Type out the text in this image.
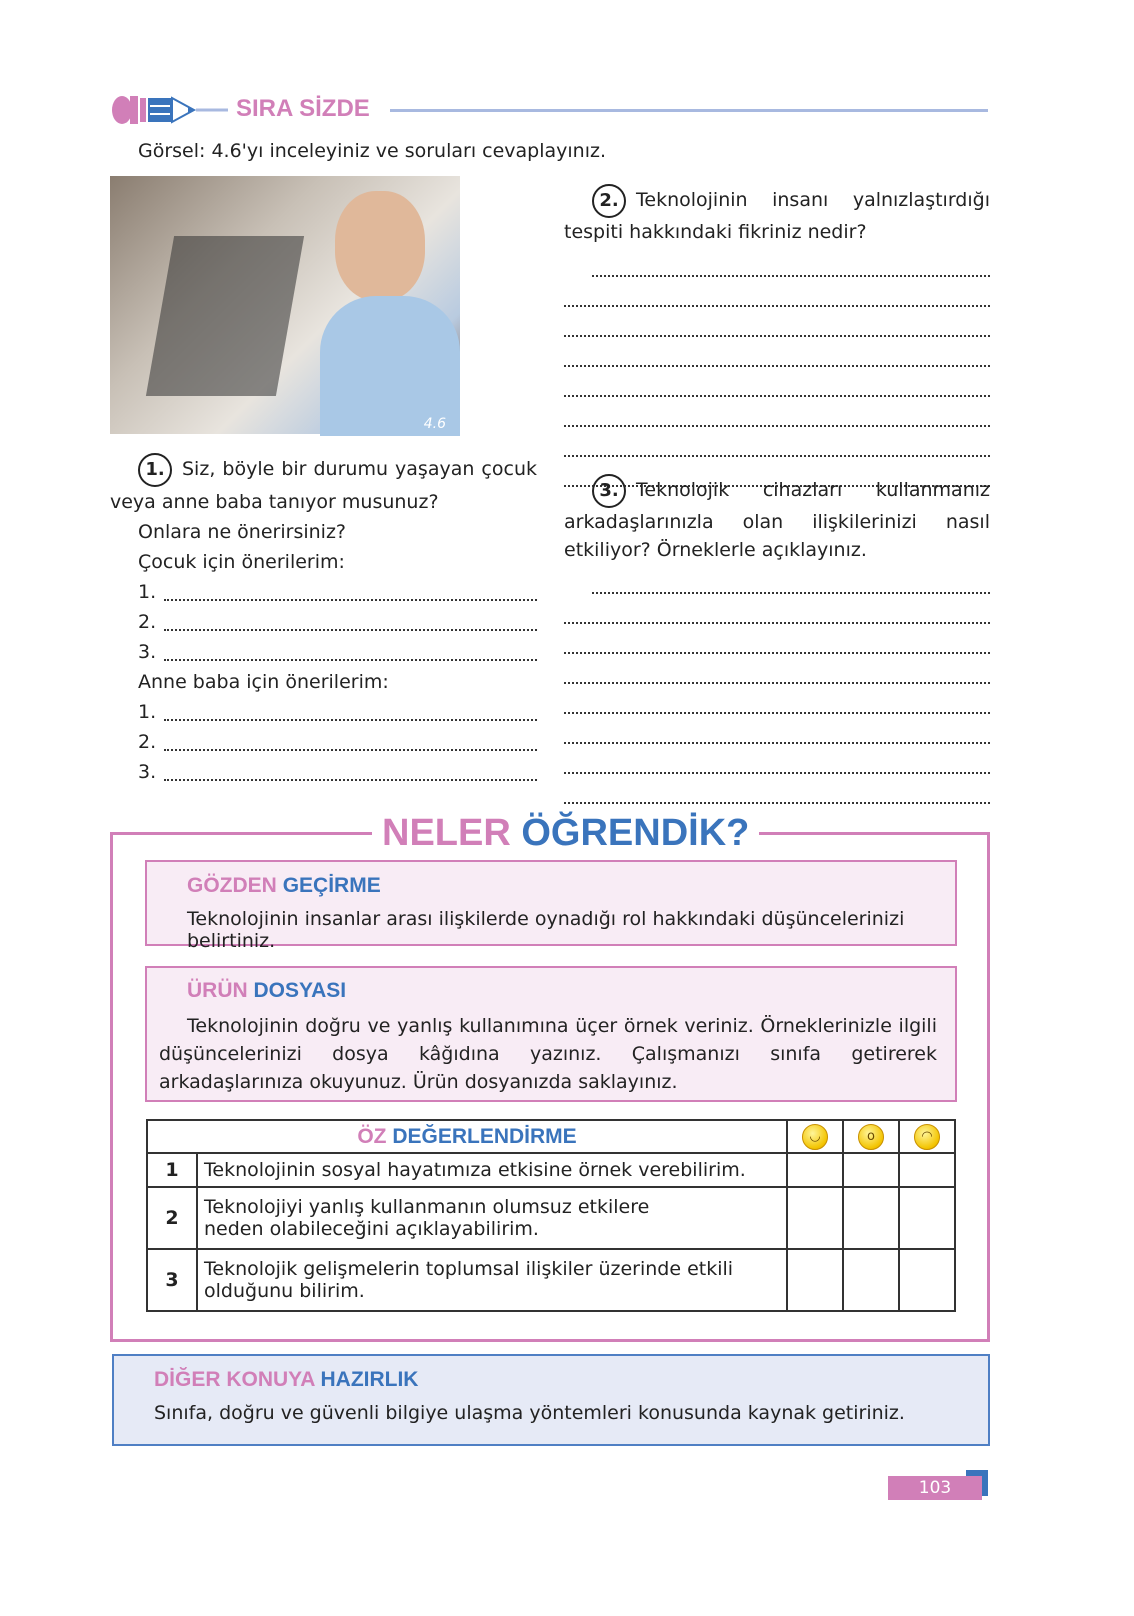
SIRA SİZDE
Görsel: 4.6'yı inceleyiniz ve soruları cevaplayınız.
4.6
1. Siz, böyle bir durumu yaşayan çocuk veya anne baba tanıyor musunuz?
Onlara ne önerirsiniz?
Çocuk için önerilerim:
1.
2.
3.
Anne baba için önerilerim:
1.
2.
3.
2. Teknolojinin insanı yalnızlaştırdığı tespiti hakkındaki fikriniz nedir?
3. Teknolojik cihazları kullanmanız arkadaşlarınızla olan ilişkilerinizi nasıl etkiliyor? Örneklerle açıklayınız.
NELER ÖĞRENDİK?
GÖZDEN GEÇİRME
Teknolojinin insanlar arası ilişkilerde oynadığı rol hakkındaki düşüncelerinizi belirtiniz.
ÜRÜN DOSYASI
Teknolojinin doğru ve yanlış kullanımına üçer örnek veriniz. Örneklerinizle ilgili düşüncelerinizi dosya kâğıdına yazınız. Çalışmanızı sınıfa getirerek arkadaşlarınıza okuyunuz. Ürün dosyanızda saklayınız.
ÖZ DEĞERLENDİRME		◡	o	◠
1	Teknolojinin sosyal hayatımıza etkisine örnek verebilirim.			
2	Teknolojiyi yanlış kullanmanın olumsuz etkilere neden olabileceğini açıklayabilirim.			
3	Teknolojik gelişmelerin toplumsal ilişkiler üzerinde etkili olduğunu bilirim.			
DİĞER KONUYA HAZIRLIK
Sınıfa, doğru ve güvenli bilgiye ulaşma yöntemleri konusunda kaynak getiriniz.
103
